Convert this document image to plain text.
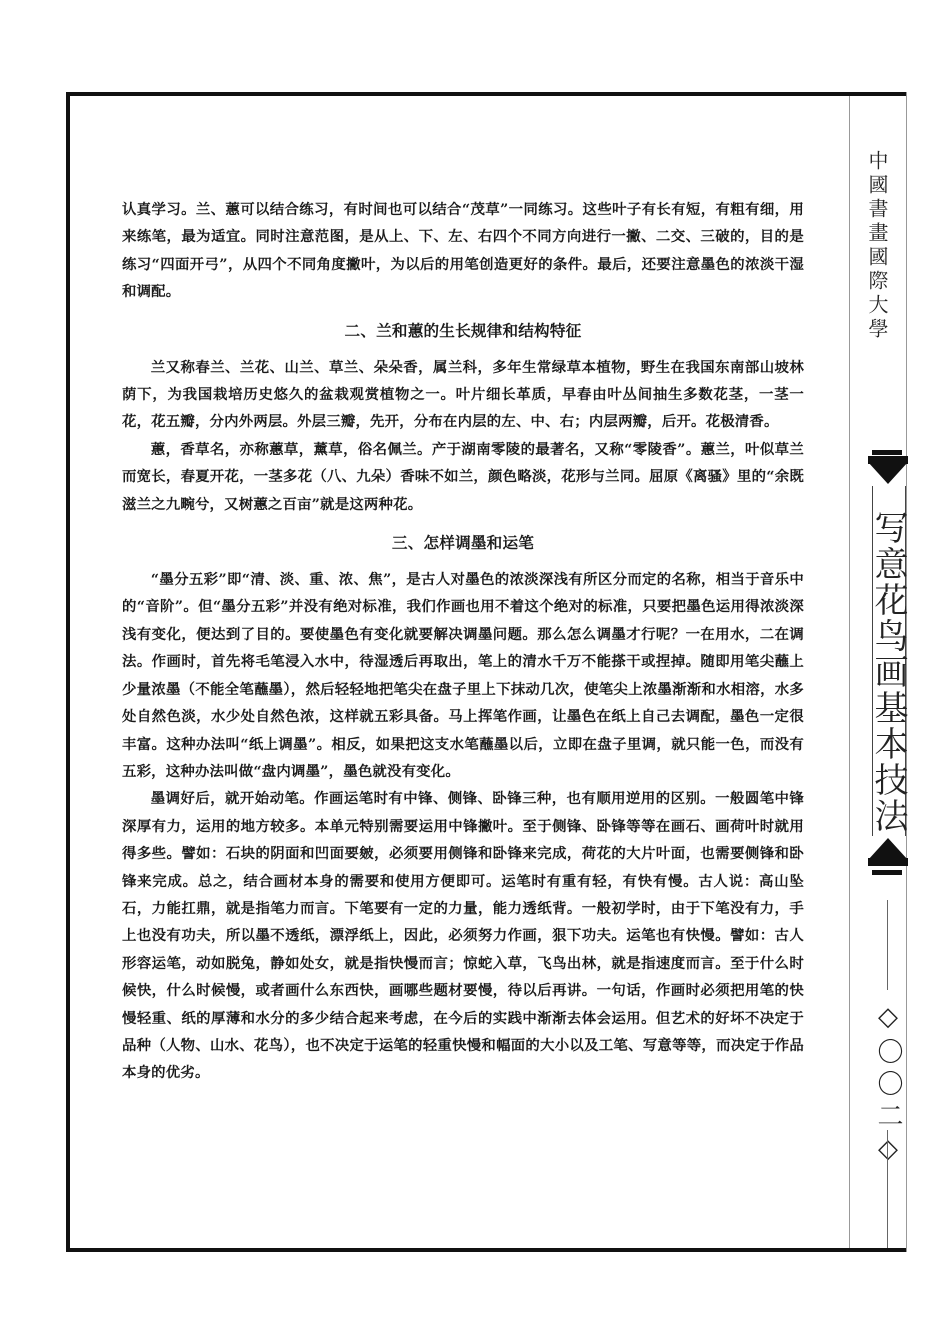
认真学习。兰、蕙可以结合练习，有时间也可以结合“茂草”一同练习。这些叶子有长有短，有粗有细，用来练笔，最为适宜。同时注意范图，是从上、下、左、右四个不同方向进行一撇、二交、三破的，目的是练习“四面开弓”，从四个不同角度撇叶，为以后的用笔创造更好的条件。最后，还要注意墨色的浓淡干湿和调配。

二、兰和蕙的生长规律和结构特征

兰又称春兰、兰花、山兰、草兰、朵朵香，属兰科，多年生常绿草本植物，野生在我国东南部山坡林荫下，为我国栽培历史悠久的盆栽观赏植物之一。叶片细长革质，早春由叶丛间抽生多数花茎，一茎一花，花五瓣，分内外两层。外层三瓣，先开，分布在内层的左、中、右；内层两瓣，后开。花极清香。

蕙，香草名，亦称蕙草，薰草，俗名佩兰。产于湖南零陵的最著名，又称“零陵香”。蕙兰，叶似草兰而宽长，春夏开花，一茎多花（八、九朵）香味不如兰，颜色略淡，花形与兰同。屈原《离骚》里的“余既滋兰之九畹兮，又树蕙之百亩”就是这两种花。

三、怎样调墨和运笔

“墨分五彩”即“清、淡、重、浓、焦”，是古人对墨色的浓淡深浅有所区分而定的名称，相当于音乐中的“音阶”。但“墨分五彩”并没有绝对标准，我们作画也用不着这个绝对的标准，只要把墨色运用得浓淡深浅有变化，便达到了目的。要使墨色有变化就要解决调墨问题。那么怎么调墨才行呢？一在用水，二在调法。作画时，首先将毛笔浸入水中，待湿透后再取出，笔上的清水千万不能搽干或捏掉。随即用笔尖蘸上少量浓墨（不能全笔蘸墨），然后轻轻地把笔尖在盘子里上下抹动几次，使笔尖上浓墨渐渐和水相溶，水多处自然色淡，水少处自然色浓，这样就五彩具备。马上挥笔作画，让墨色在纸上自己去调配，墨色一定很丰富。这种办法叫“纸上调墨”。相反，如果把这支水笔蘸墨以后，立即在盘子里调，就只能一色，而没有五彩，这种办法叫做“盘内调墨”，墨色就没有变化。

墨调好后，就开始动笔。作画运笔时有中锋、侧锋、卧锋三种，也有顺用逆用的区别。一般圆笔中锋深厚有力，运用的地方较多。本单元特别需要运用中锋撇叶。至于侧锋、卧锋等等在画石、画荷叶时就用得多些。譬如：石块的阴面和凹面要皴，必须要用侧锋和卧锋来完成，荷花的大片叶面，也需要侧锋和卧锋来完成。总之，结合画材本身的需要和使用方便即可。运笔时有重有轻，有快有慢。古人说：高山坠石，力能扛鼎，就是指笔力而言。下笔要有一定的力量，能力透纸背。一般初学时，由于下笔没有力，手上也没有功夫，所以墨不透纸，漂浮纸上，因此，必须努力作画，狠下功夫。运笔也有快慢。譬如：古人形容运笔，动如脱兔，静如处女，就是指快慢而言；惊蛇入草，飞鸟出林，就是指速度而言。至于什么时候快，什么时候慢，或者画什么东西快，画哪些题材要慢，待以后再讲。一句话，作画时必须把用笔的快慢轻重、纸的厚薄和水分的多少结合起来考虑，在今后的实践中渐渐去体会运用。但艺术的好坏不决定于品种（人物、山水、花鸟），也不决定于运笔的轻重快慢和幅面的大小以及工笔、写意等等，而决定于作品本身的优劣。

中國書畫國際大學
写意花鸟画基本技法
◇〇〇二◇
